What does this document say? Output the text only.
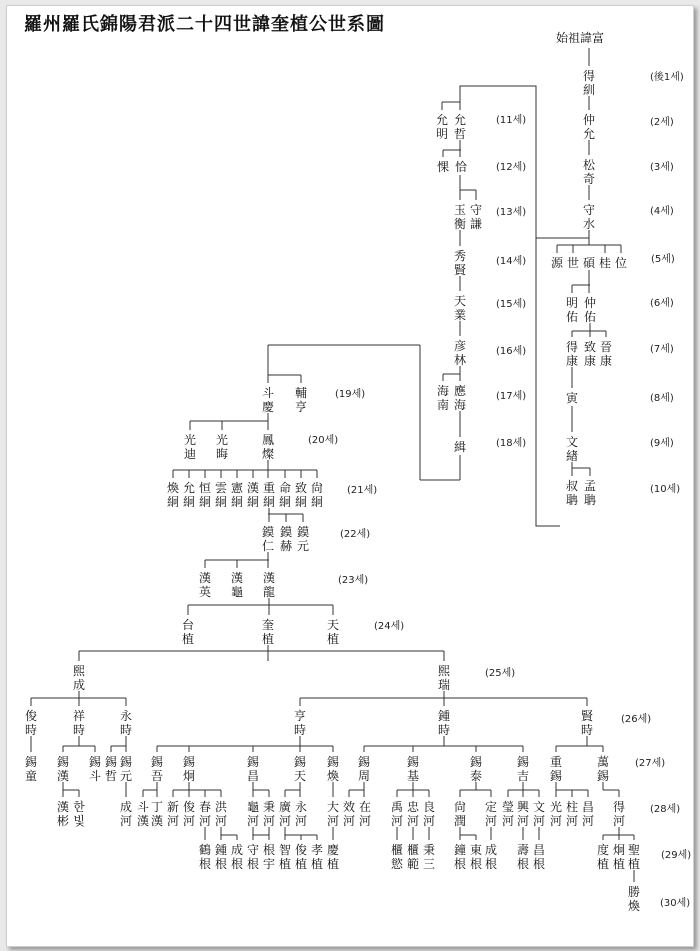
羅州羅氏錦陽君派二十四世諱奎植公世系圖
始祖諱富
得紃
仲允
松奇
守水
源 世 碩 桂 位
明佑
仲佑
得康
致康
晉康
寅
文緖
叔聃
孟聃
允明
允哲
惈 恰
玉衡
守謙
秀賢
天業
彦林
海南
應海
緝
斗慶
輔亨
光迪
光晦
鳳燦
煥絅
允絅
恒絅
雲絅
憲絅
漢絅
重絅
命絅
致絅
尙絅
鏌仁
鏌赫
鏌元
漢英
漢龜
漢龍
台植
奎植
天植
熙成
熙瑞
俊時
祥時
永時
亨時
鍾時
賢時
錫童
錫漢
錫斗
錫哲
錫元
錫吾
錫炯
錫昌
錫天
錫煥
錫周
錫基
錫泰
錫吉
重錫
萬錫
漢彬
한 빛
成河
斗漢
丁漢
新河
俊河
春河
洪河
龜河
秉河
廣河
永河
大河
效河
在河
禹河
忠河
良河
尙潤
定河
瑩河
興河
文河
光河
柱河
昌河
得河
鶴根
鍾根
成根
守根
根宇
智植
俊植
孝植
慶植
櫃慾
櫃範
秉三
鐘根
東根
成根
壽根
昌根
度植
炯植
聖植
勝煥
(後1세)
(2세)
(3세)
(4세)
(5세)
(6세)
(7세)
(8세)
(9세)
(10세)
(11세)
(12세)
(13세)
(14세)
(15세)
(16세)
(17세)
(18세)
(19세)
(20세)
(21세)
(22세)
(23세)
(24세)
(25세)
(26세)
(27세)
(28세)
(29세)
(30세)
